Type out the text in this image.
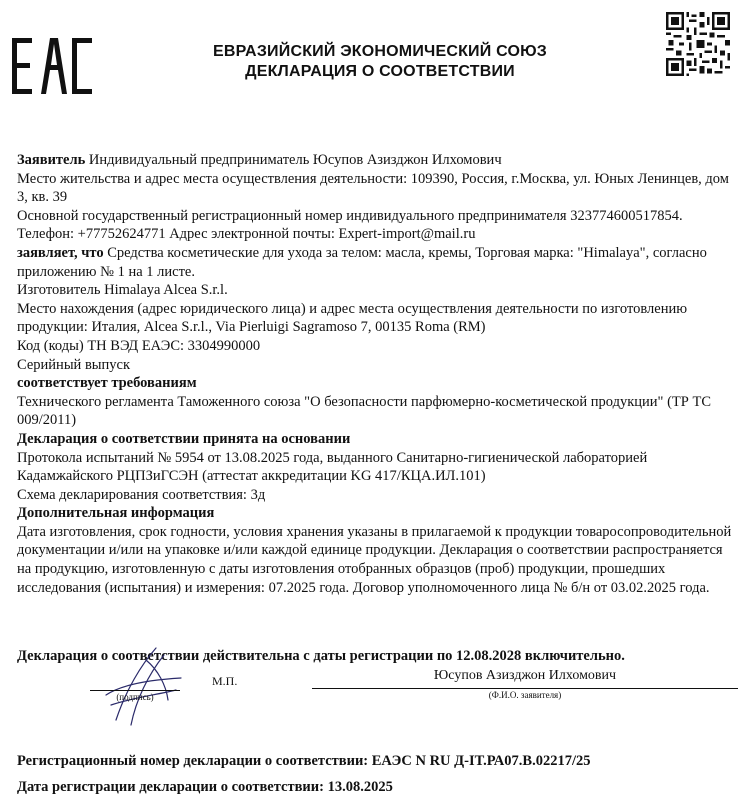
ЕВРАЗИЙСКИЙ ЭКОНОМИЧЕСКИЙ СОЮЗ
ДЕКЛАРАЦИЯ О СООТВЕТСТВИИ

Заявитель Индивидуальный предприниматель Юсупов Азизджон Илхомович

Место жительства и адрес места осуществления деятельности: 109390, Россия, г.Москва, ул. Юных Ленинцев, дом 3, кв. 39

Основной государственный регистрационный номер индивидуального предпринимателя 323774600517854.

Телефон: +77752624771 Адрес электронной почты: Expert-import@mail.ru

заявляет, что Средства косметические для ухода за телом: масла, кремы, Торговая марка: "Himalaya", согласно приложению № 1 на 1 листе.

Изготовитель Himalaya Alcea S.r.l.

Место нахождения (адрес юридического лица) и адрес места осуществления деятельности по изготовлению продукции: Италия, Alcea S.r.l., Via Pierluigi Sagramoso 7, 00135 Roma (RM)

Код (коды) ТН ВЭД ЕАЭС: 3304990000

Серийный выпуск

соответствует требованиям

Технического регламента Таможенного союза "О безопасности парфюмерно-косметической продукции" (ТР ТС 009/2011)

Декларация о соответствии принята на основании

Протокола испытаний № 5954 от 13.08.2025 года, выданного Санитарно-гигиенической лабораторией Кадамжайского РЦПЗиГСЭН (аттестат аккредитации KG 417/КЦА.ИЛ.101)

Схема декларирования соответствия: 3д

Дополнительная информация

Дата изготовления, срок годности, условия хранения указаны в прилагаемой к продукции товаросопроводительной документации и/или на упаковке и/или каждой единице продукции. Декларация о соответствии распространяется на продукцию, изготовленную с даты изготовления отобранных образцов (проб) продукции, прошедших исследования (испытания) и измерения: 07.2025 года. Договор уполномоченного лица № б/н от 03.02.2025 года.

Декларация о соответствии действительна с даты регистрации по 12.08.2028 включительно.
(подпись)
М.П.	Юсупов Азизджон Илхомович
(Ф.И.О. заявителя)
Регистрационный номер декларации о соответствии: ЕАЭС N RU Д-IT.РА07.В.02217/25
Дата регистрации декларации о соответствии: 13.08.2025
